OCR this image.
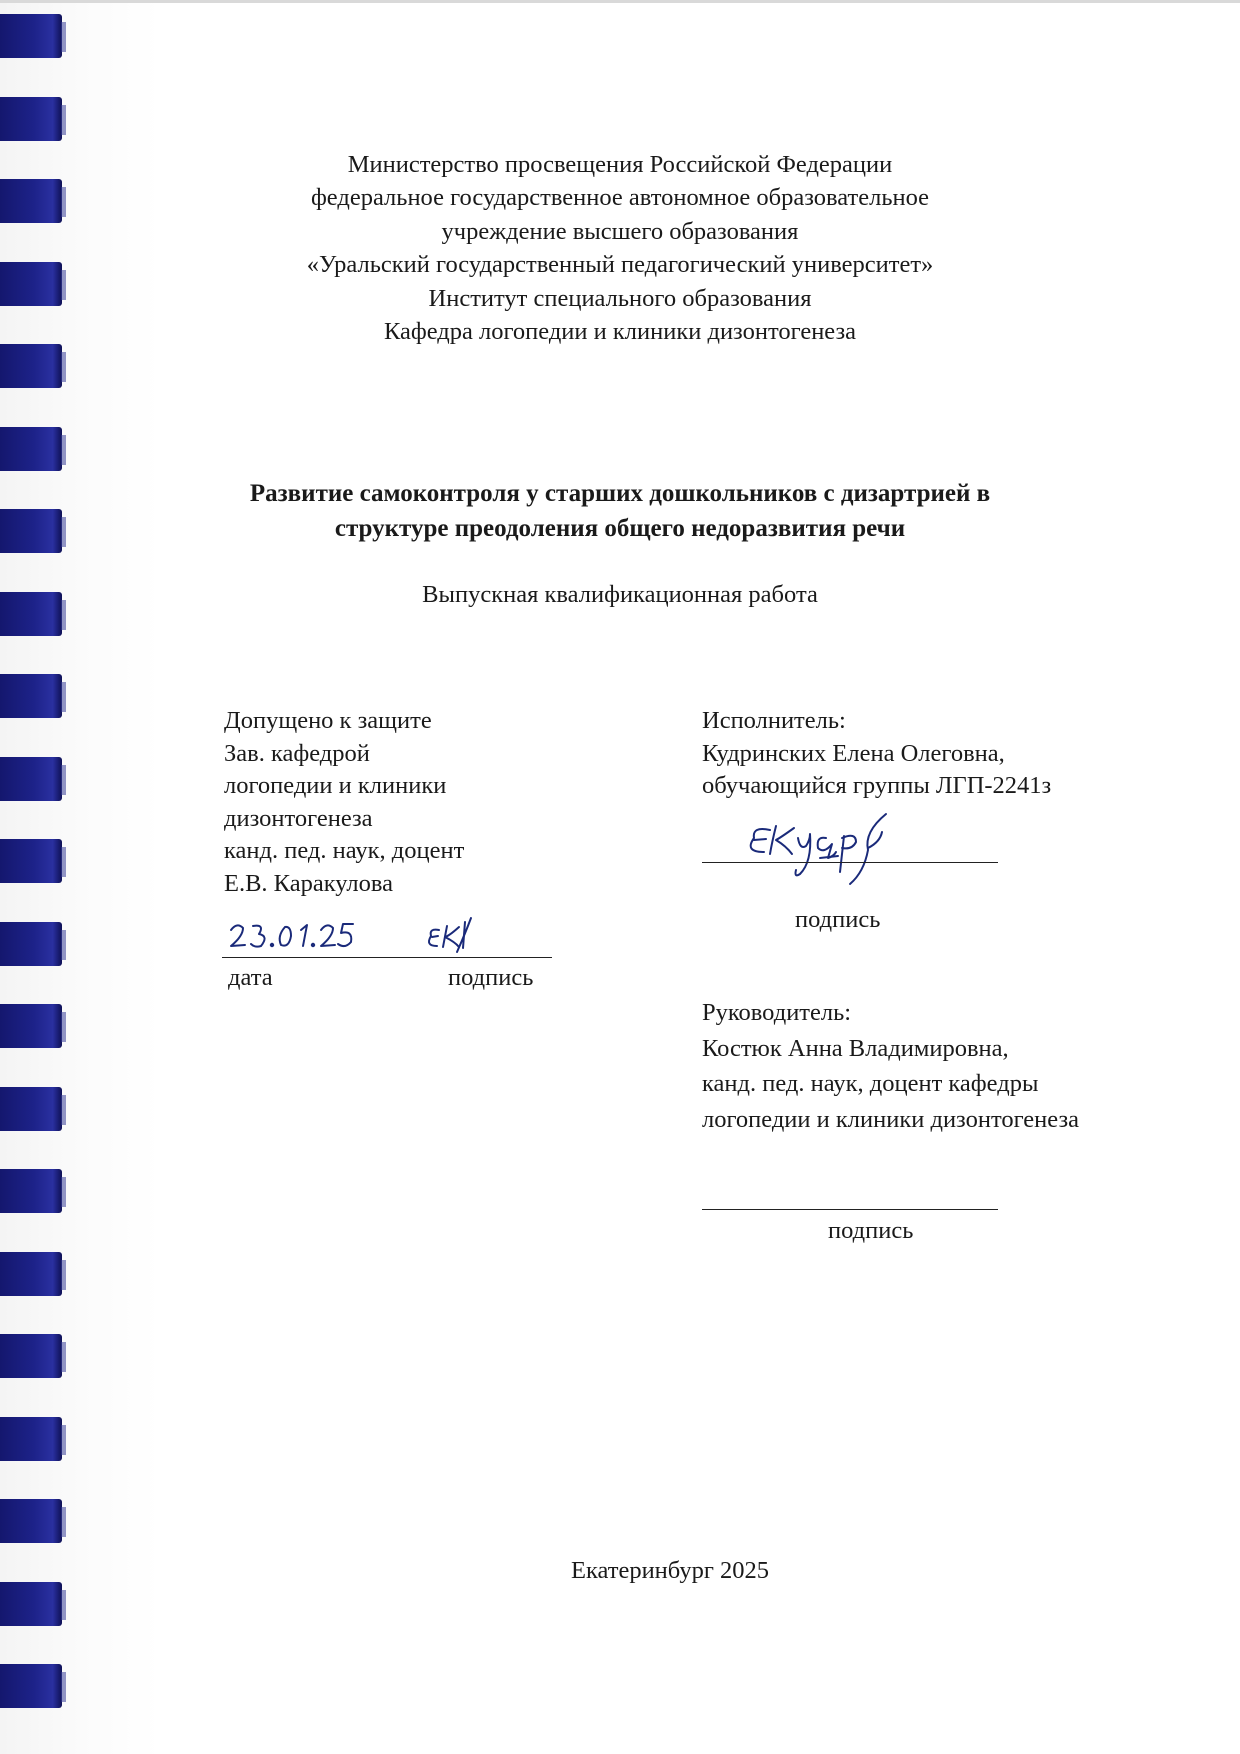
Министерство просвещения Российской Федерации
федеральное государственное автономное образовательное
учреждение высшего образования
«Уральский государственный педагогический университет»
Институт специального образования
Кафедра логопедии и клиники дизонтогенеза
Развитие самоконтроля у старших дошкольников с дизартрией в
структуре преодоления общего недоразвития речи
Выпускная квалификационная работа
Допущено к защите
Зав. кафедрой
логопедии и клиники
дизонтогенеза
канд. пед. наук, доцент
Е.В. Каракулова
дата	подпись
Исполнитель:
Кудринских Елена Олеговна,
обучающийся группы ЛГП-2241з
подпись
Руководитель:
Костюк Анна Владимировна,
канд. пед. наук, доцент кафедры
логопедии и клиники дизонтогенеза
подпись
Екатеринбург 2025
